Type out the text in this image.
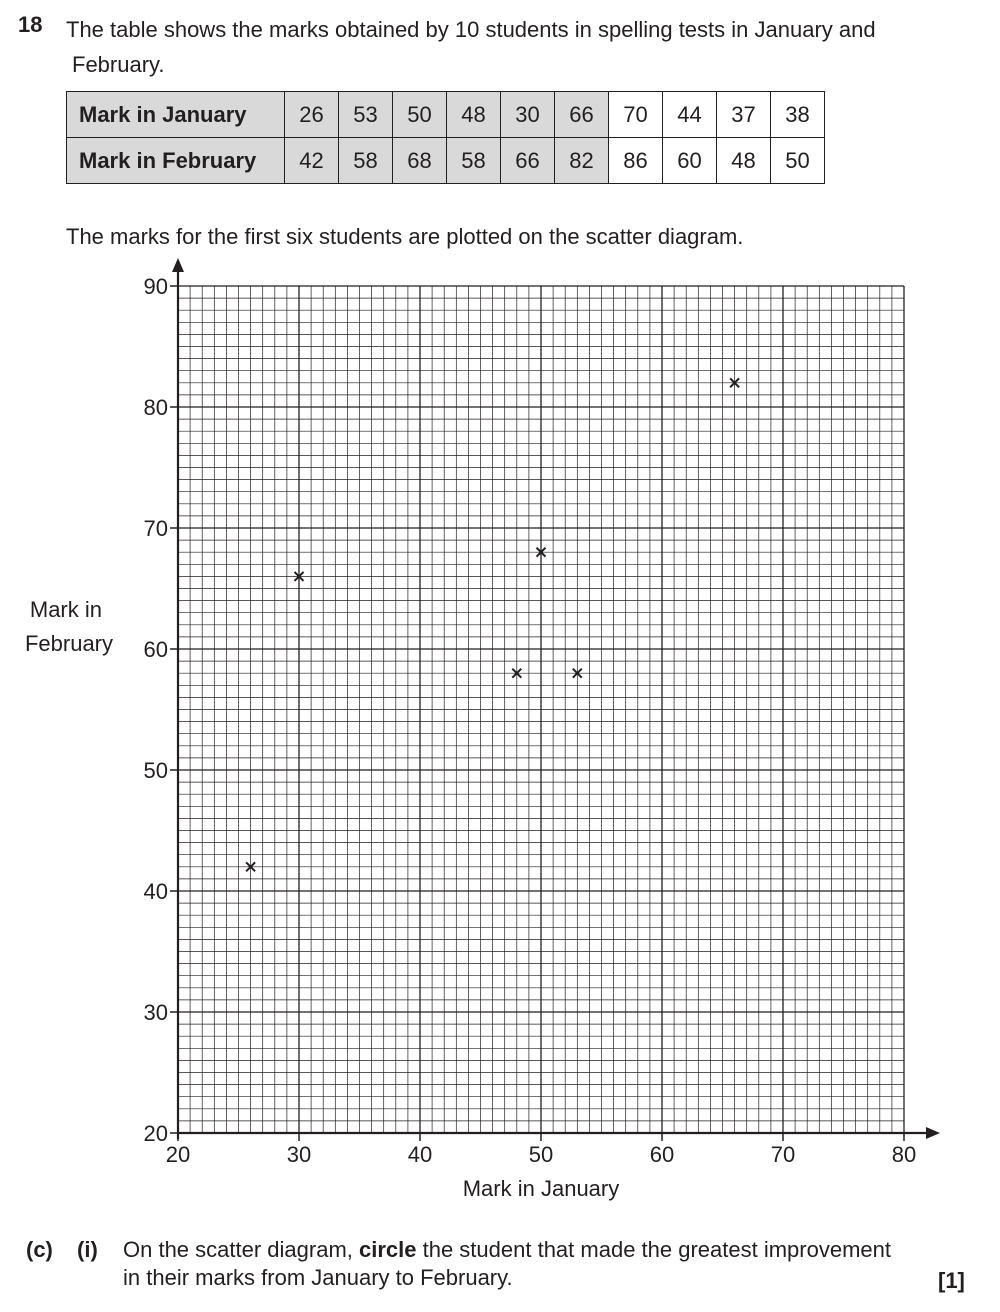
18 The table shows the marks obtained by 10 students in spelling tests in January and
February.
Mark in January	26	53	50	48	30	66	70	44	37	38
Mark in February	42	58	68	58	66	82	86	60	48	50
The marks for the first six students are plotted on the scatter diagram.
20	30	40	50	60	70	80
20
30
40
50
60
70
80
90
Mark in January
Mark in February
(c) (i) On the scatter diagram, circle the student that made the greatest improvement
in their marks from January to February.	[1]
